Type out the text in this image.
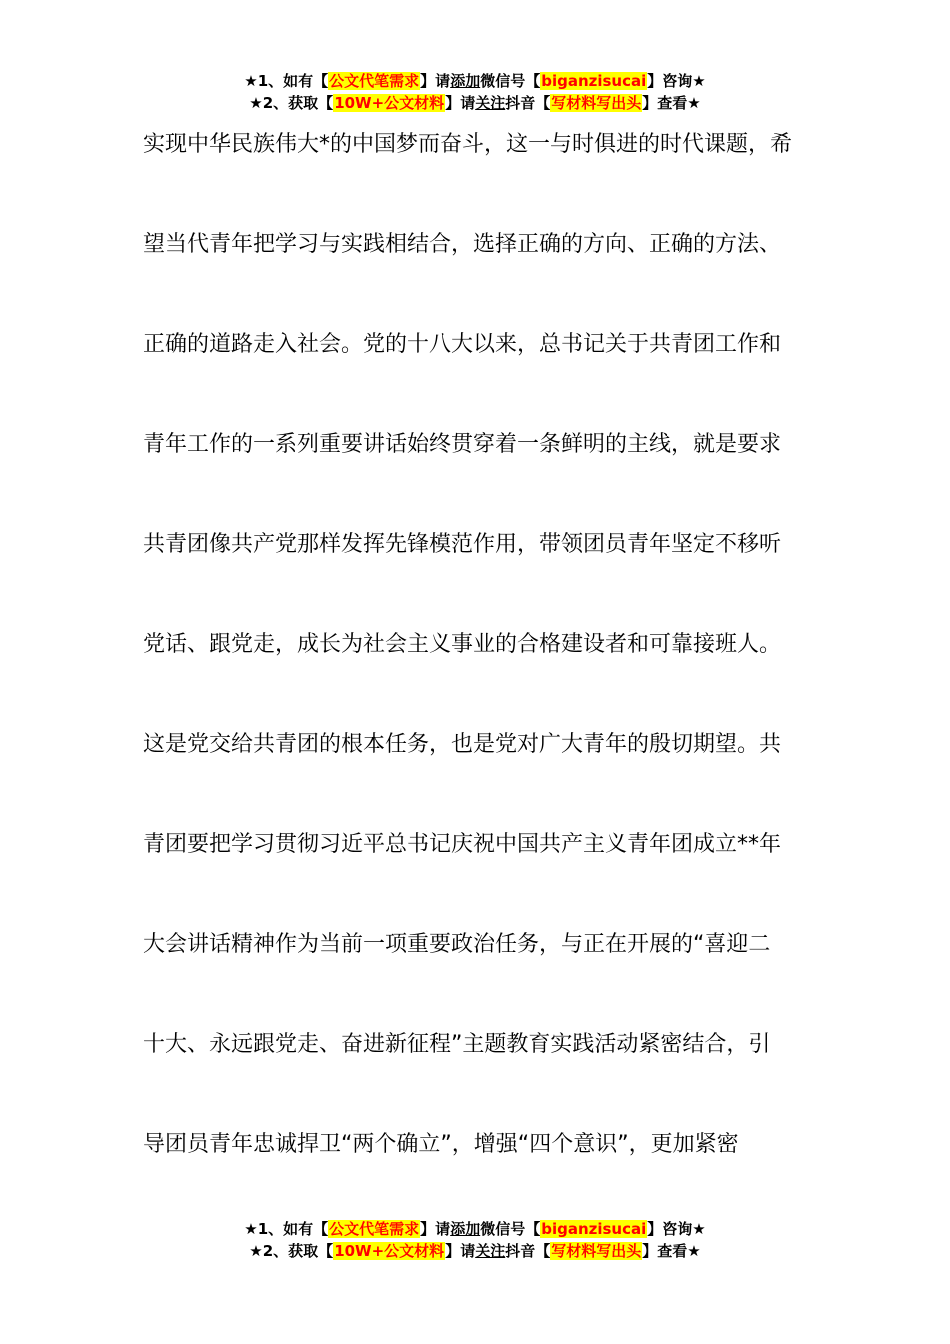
★1、如有【公文代笔需求】请添加微信号【biganzisucai】咨询★
★2、获取【10W+公文材料】请关注抖音【写材料写出头】查看★
实现中华民族伟大*的中国梦而奋斗，这一与时俱进的时代课题，希
望当代青年把学习与实践相结合，选择正确的方向、正确的方法、
正确的道路走入社会。党的十八大以来，总书记关于共青团工作和
青年工作的一系列重要讲话始终贯穿着一条鲜明的主线，就是要求
共青团像共产党那样发挥先锋模范作用，带领团员青年坚定不移听
党话、跟党走，成长为社会主义事业的合格建设者和可靠接班人。
这是党交给共青团的根本任务，也是党对广大青年的殷切期望。共
青团要把学习贯彻习近平总书记庆祝中国共产主义青年团成立**年
大会讲话精神作为当前一项重要政治任务，与正在开展的“喜迎二
十大、永远跟党走、奋进新征程”主题教育实践活动紧密结合，引
导团员青年忠诚捍卫“两个确立”，增强“四个意识”，更加紧密
★1、如有【公文代笔需求】请添加微信号【biganzisucai】咨询★
★2、获取【10W+公文材料】请关注抖音【写材料写出头】查看★
